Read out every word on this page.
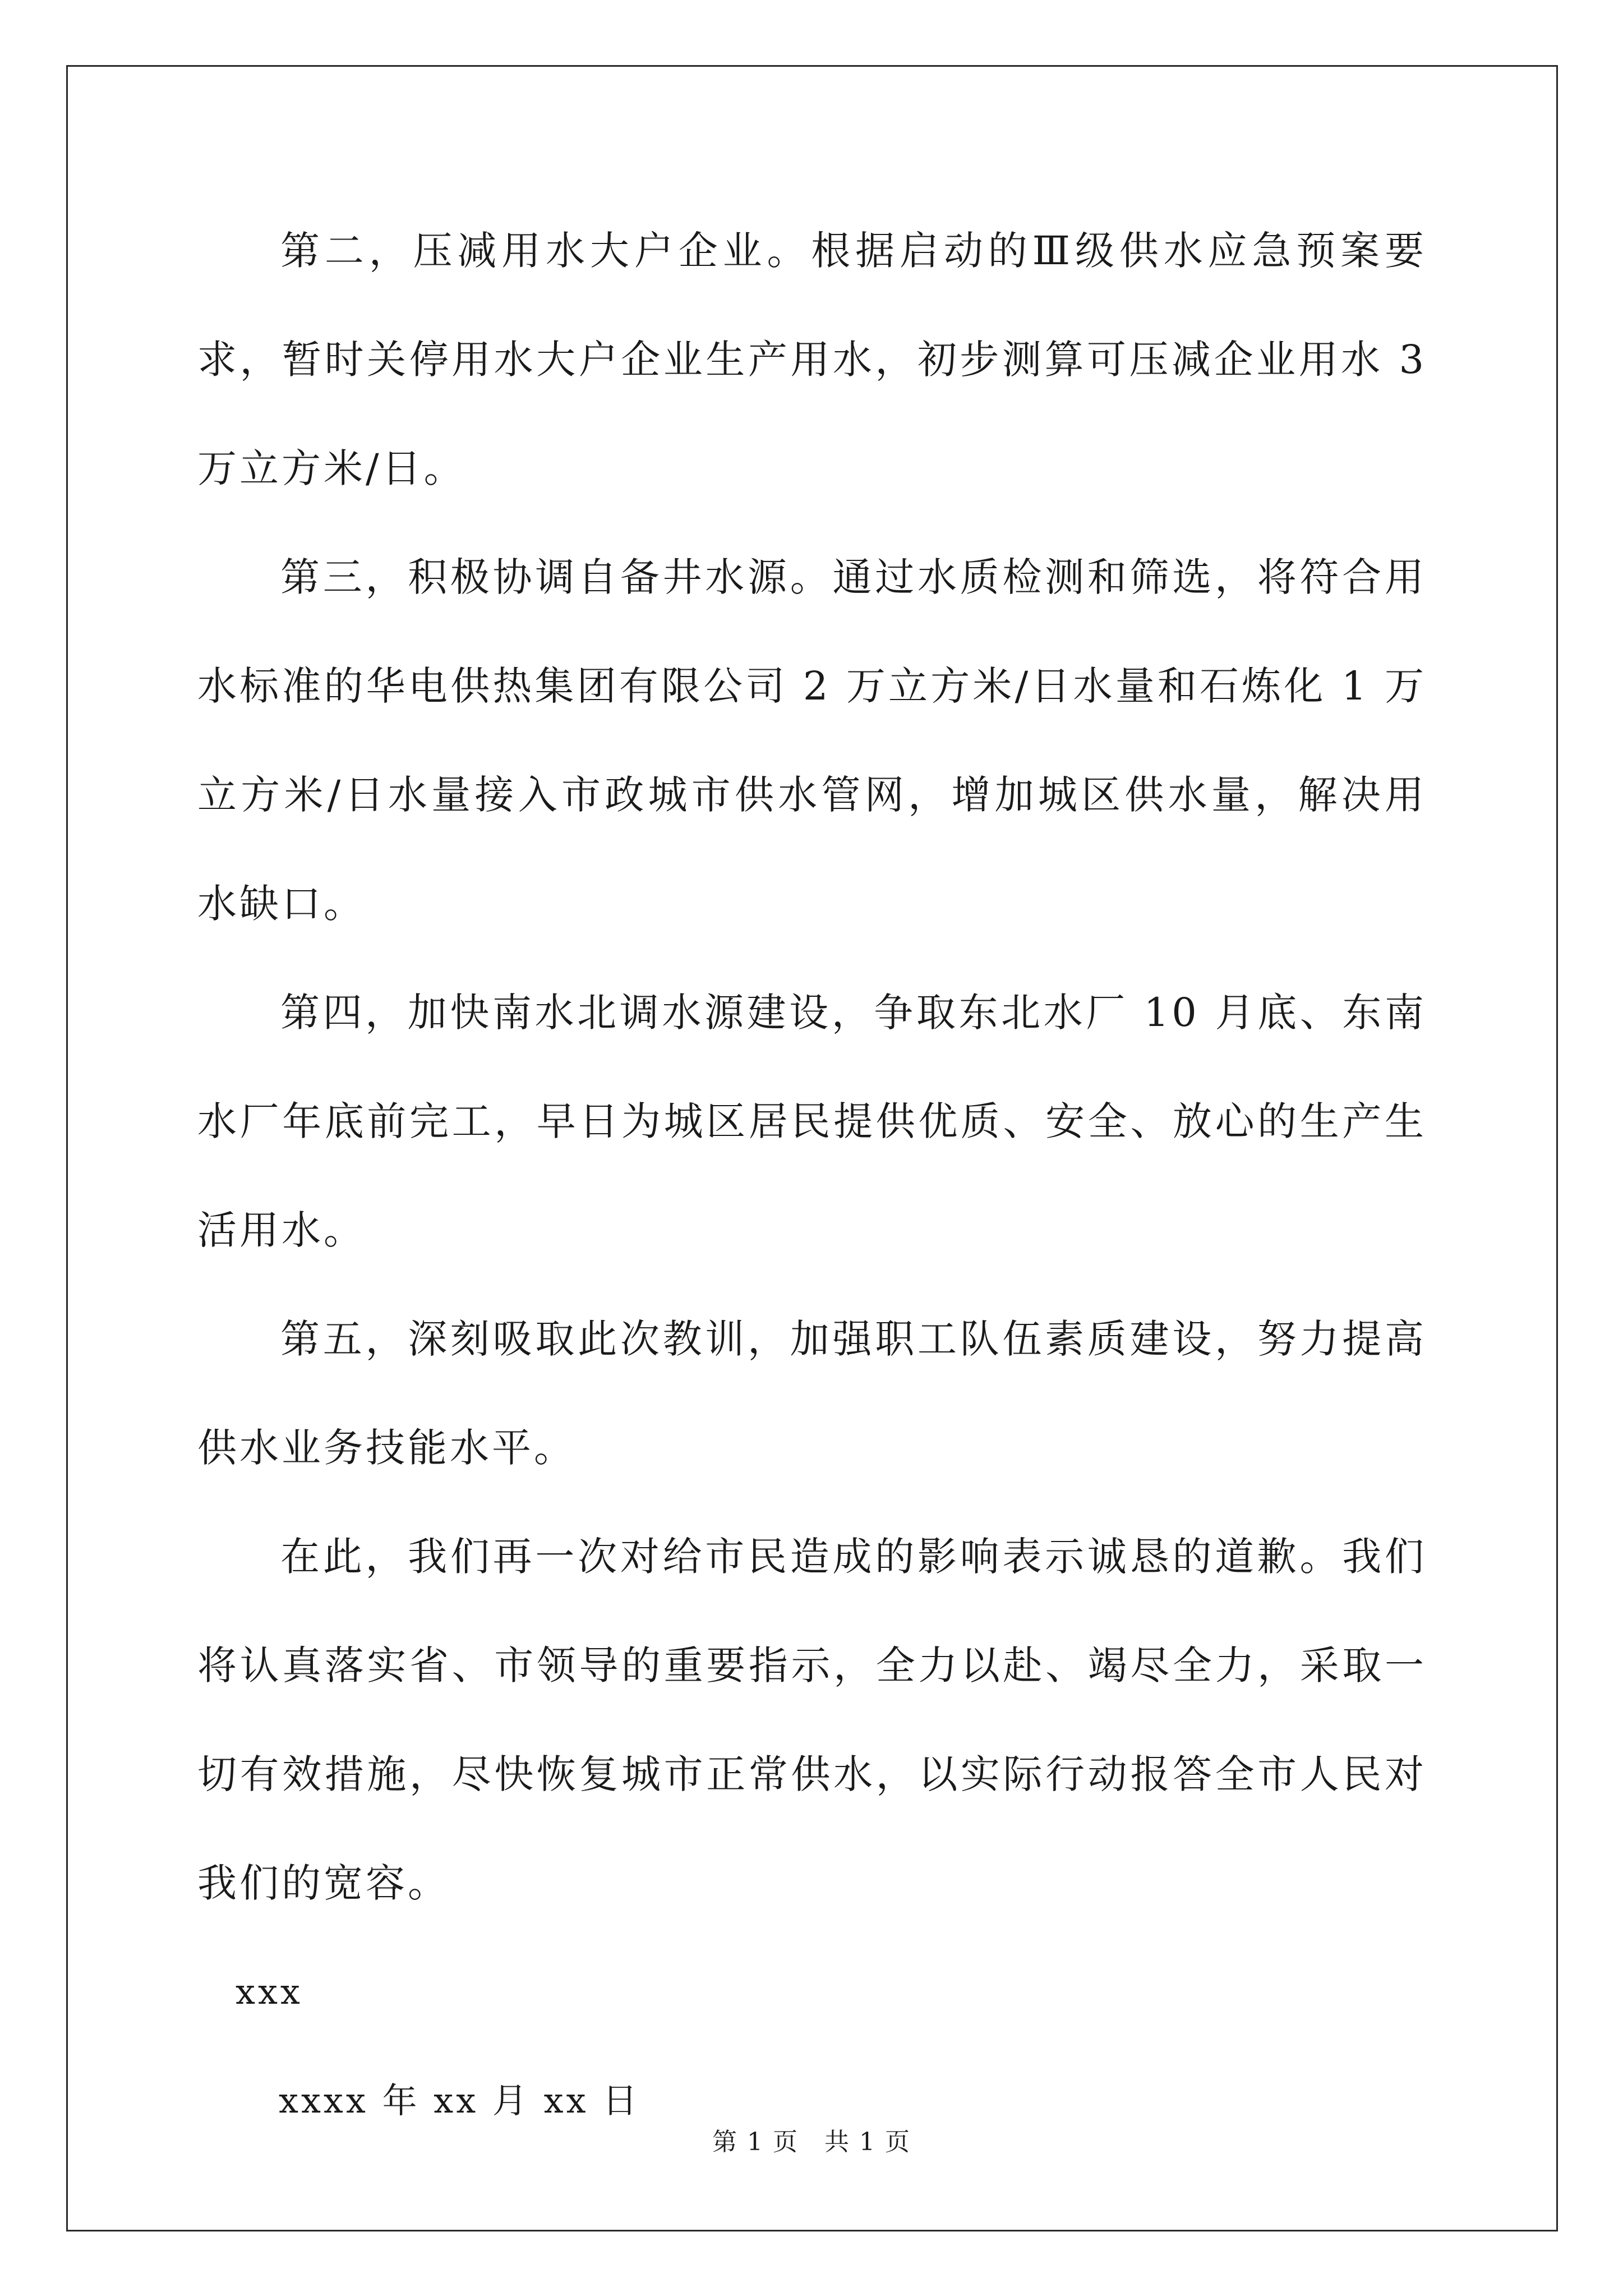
第二，压减用水大户企业。根据启动的Ⅲ级供水应急预案要求，暂时关停用水大户企业生产用水，初步测算可压减企业用水 3 万立方米/日。

第三，积极协调自备井水源。通过水质检测和筛选，将符合用水标准的华电供热集团有限公司 2 万立方米/日水量和石炼化 1 万立方米/日水量接入市政城市供水管网，增加城区供水量，解决用水缺口。

第四，加快南水北调水源建设，争取东北水厂 10 月底、东南水厂年底前完工，早日为城区居民提供优质、安全、放心的生产生活用水。

第五，深刻吸取此次教训，加强职工队伍素质建设，努力提高供水业务技能水平。

在此，我们再一次对给市民造成的影响表示诚恳的道歉。我们将认真落实省、市领导的重要指示，全力以赴、竭尽全力，采取一切有效措施，尽快恢复城市正常供水，以实际行动报答全市人民对我们的宽容。

xxx

xxxx 年 xx 月 xx 日

第 1 页　共 1 页
